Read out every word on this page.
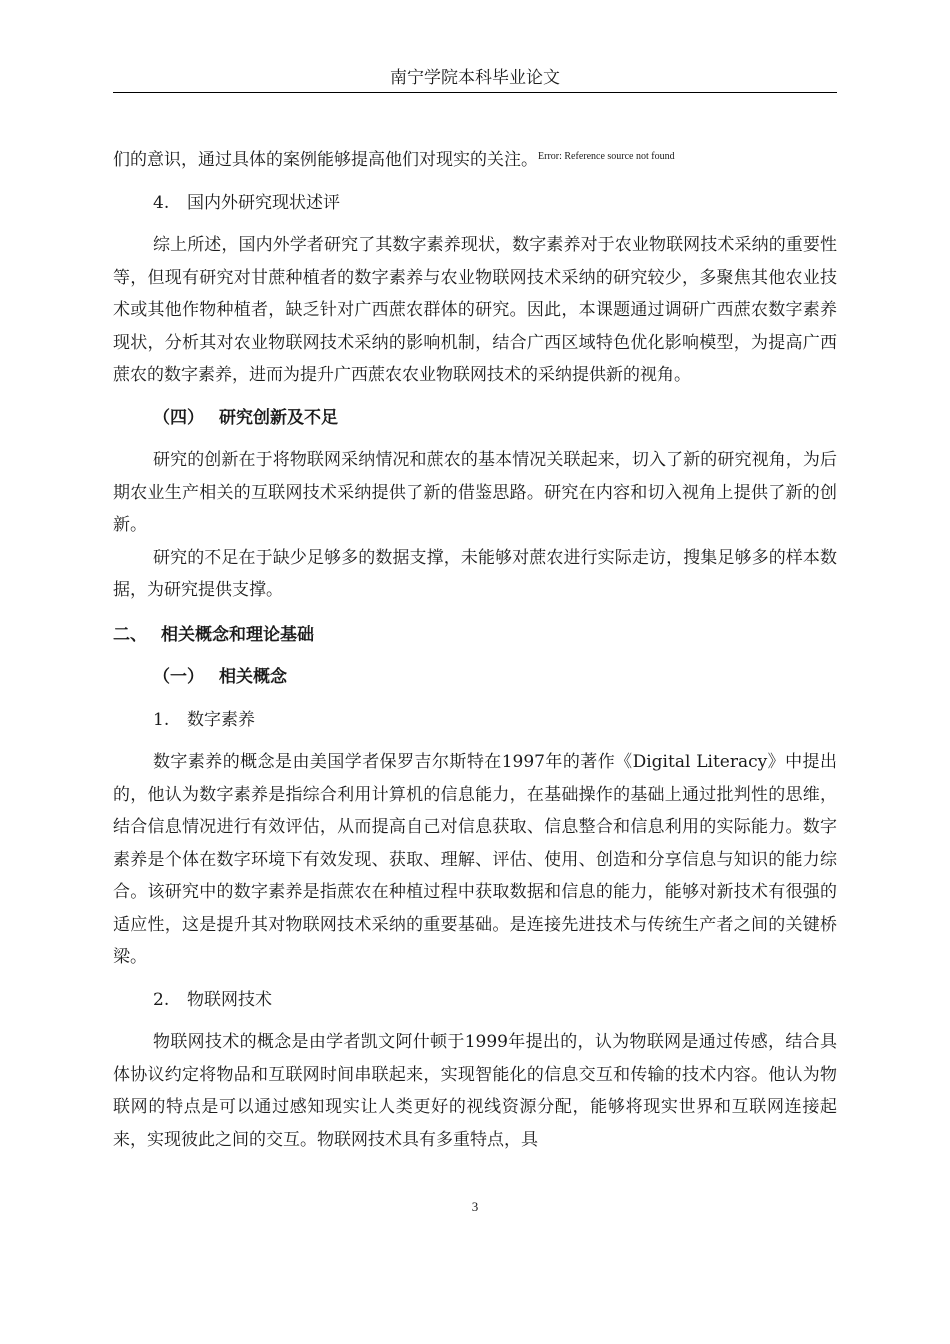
南宁学院本科毕业论文

们的意识，通过具体的案例能够提高他们对现实的关注。$^{Error: Reference source not found}$

4. 国内外研究现状述评

综上所述，国内外学者研究了其数字素养现状，数字素养对于农业物联网技术采纳的重要性等，但现有研究对甘蔗种植者的数字素养与农业物联网技术采纳的研究较少，多聚焦其他农业技术或其他作物种植者，缺乏针对广西蔗农群体的研究。因此，本课题通过调研广西蔗农数字素养现状，分析其对农业物联网技术采纳的影响机制，结合广西区域特色优化影响模型，为提高广西蔗农的数字素养，进而为提升广西蔗农农业物联网技术的采纳提供新的视角。

（四） 研究创新及不足

研究的创新在于将物联网采纳情况和蔗农的基本情况关联起来，切入了新的研究视角，为后期农业生产相关的互联网技术采纳提供了新的借鉴思路。研究在内容和切入视角上提供了新的创新。

研究的不足在于缺少足够多的数据支撑，未能够对蔗农进行实际走访，搜集足够多的样本数据，为研究提供支撑。

二、 相关概念和理论基础

（一） 相关概念

1. 数字素养

数字素养的概念是由美国学者保罗吉尔斯特在1997年的著作《Digital Literacy》中提出的，他认为数字素养是指综合利用计算机的信息能力，在基础操作的基础上通过批判性的思维，结合信息情况进行有效评估，从而提高自己对信息获取、信息整合和信息利用的实际能力。数字素养是个体在数字环境下有效发现、获取、理解、评估、使用、创造和分享信息与知识的能力综合。该研究中的数字素养是指蔗农在种植过程中获取数据和信息的能力，能够对新技术有很强的适应性，这是提升其对物联网技术采纳的重要基础。是连接先进技术与传统生产者之间的关键桥梁。

2. 物联网技术

物联网技术的概念是由学者凯文阿什顿于1999年提出的，认为物联网是通过传感，结合具体协议约定将物品和互联网时间串联起来，实现智能化的信息交互和传输的技术内容。他认为物联网的特点是可以通过感知现实让人类更好的视线资源分配，能够将现实世界和互联网连接起来，实现彼此之间的交互。物联网技术具有多重特点，具

3
